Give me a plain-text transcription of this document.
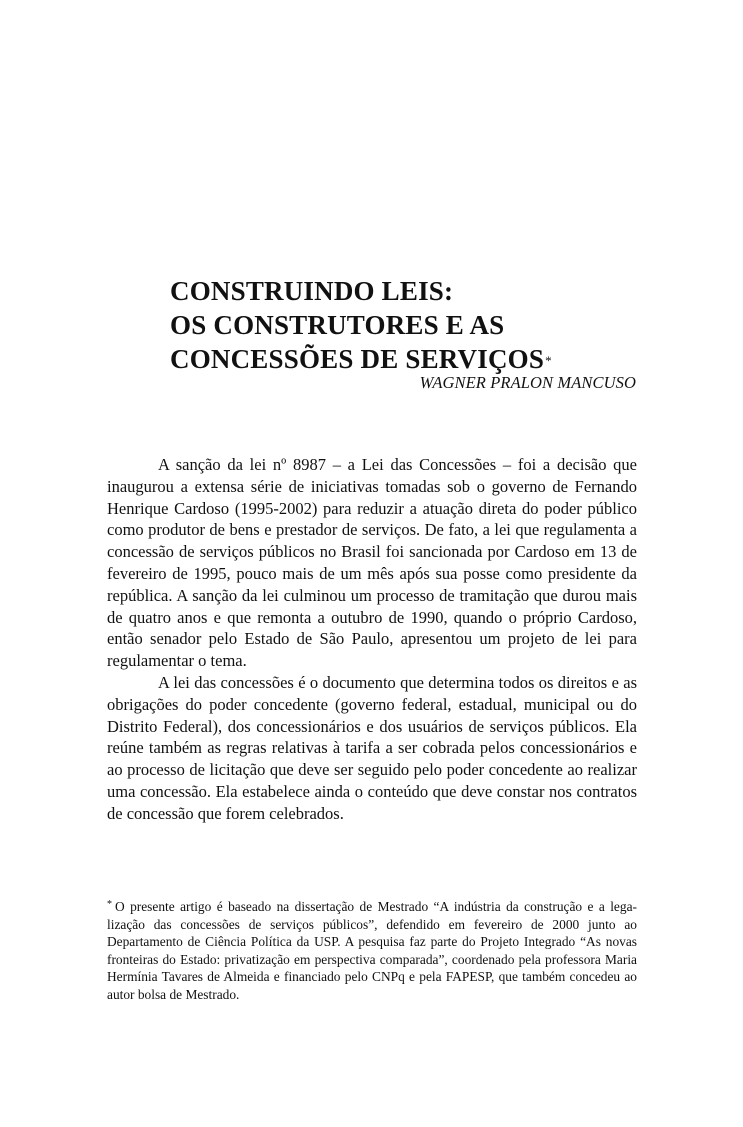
CONSTRUINDO LEIS:
OS CONSTRUTORES E AS
CONCESSÕES DE SERVIÇOS*
WAGNER PRALON MANCUSO

A sanção da lei nº 8987 – a Lei das Concessões – foi a decisão que inaugurou a extensa série de iniciativas tomadas sob o governo de Fernando Henrique Cardoso (1995-2002) para reduzir a atuação direta do poder público como produtor de bens e prestador de serviços. De fato, a lei que regulamenta a concessão de serviços públicos no Brasil foi sancionada por Cardoso em 13 de fevereiro de 1995, pouco mais de um mês após sua posse como presidente da república. A sanção da lei culminou um processo de tramitação que durou mais de quatro anos e que remonta a outubro de 1990, quando o próprio Cardoso, então senador pelo Estado de São Paulo, apresentou um projeto de lei para regulamentar o tema.

A lei das concessões é o documento que determina todos os direitos e as obrigações do poder concedente (governo federal, estadual, municipal ou do Distrito Federal), dos concessionários e dos usuários de serviços públicos. Ela reúne também as regras relativas à tarifa a ser cobrada pelos concessionários e ao processo de licitação que deve ser seguido pelo poder concedente ao realizar uma concessão. Ela estabelece ainda o conteúdo que deve constar nos contratos de concessão que forem celebrados.

* O presente artigo é baseado na dissertação de Mestrado “A indústria da construção e a legalização das concessões de serviços públicos”, defendido em fevereiro de 2000 junto ao Departamento de Ciência Política da USP. A pesquisa faz parte do Projeto Integrado “As novas fronteiras do Estado: privatização em perspectiva comparada”, coordenado pela professora Maria Hermínia Tavares de Almeida e financiado pelo CNPq e pela FAPESP, que também concedeu ao autor bolsa de Mestrado.
